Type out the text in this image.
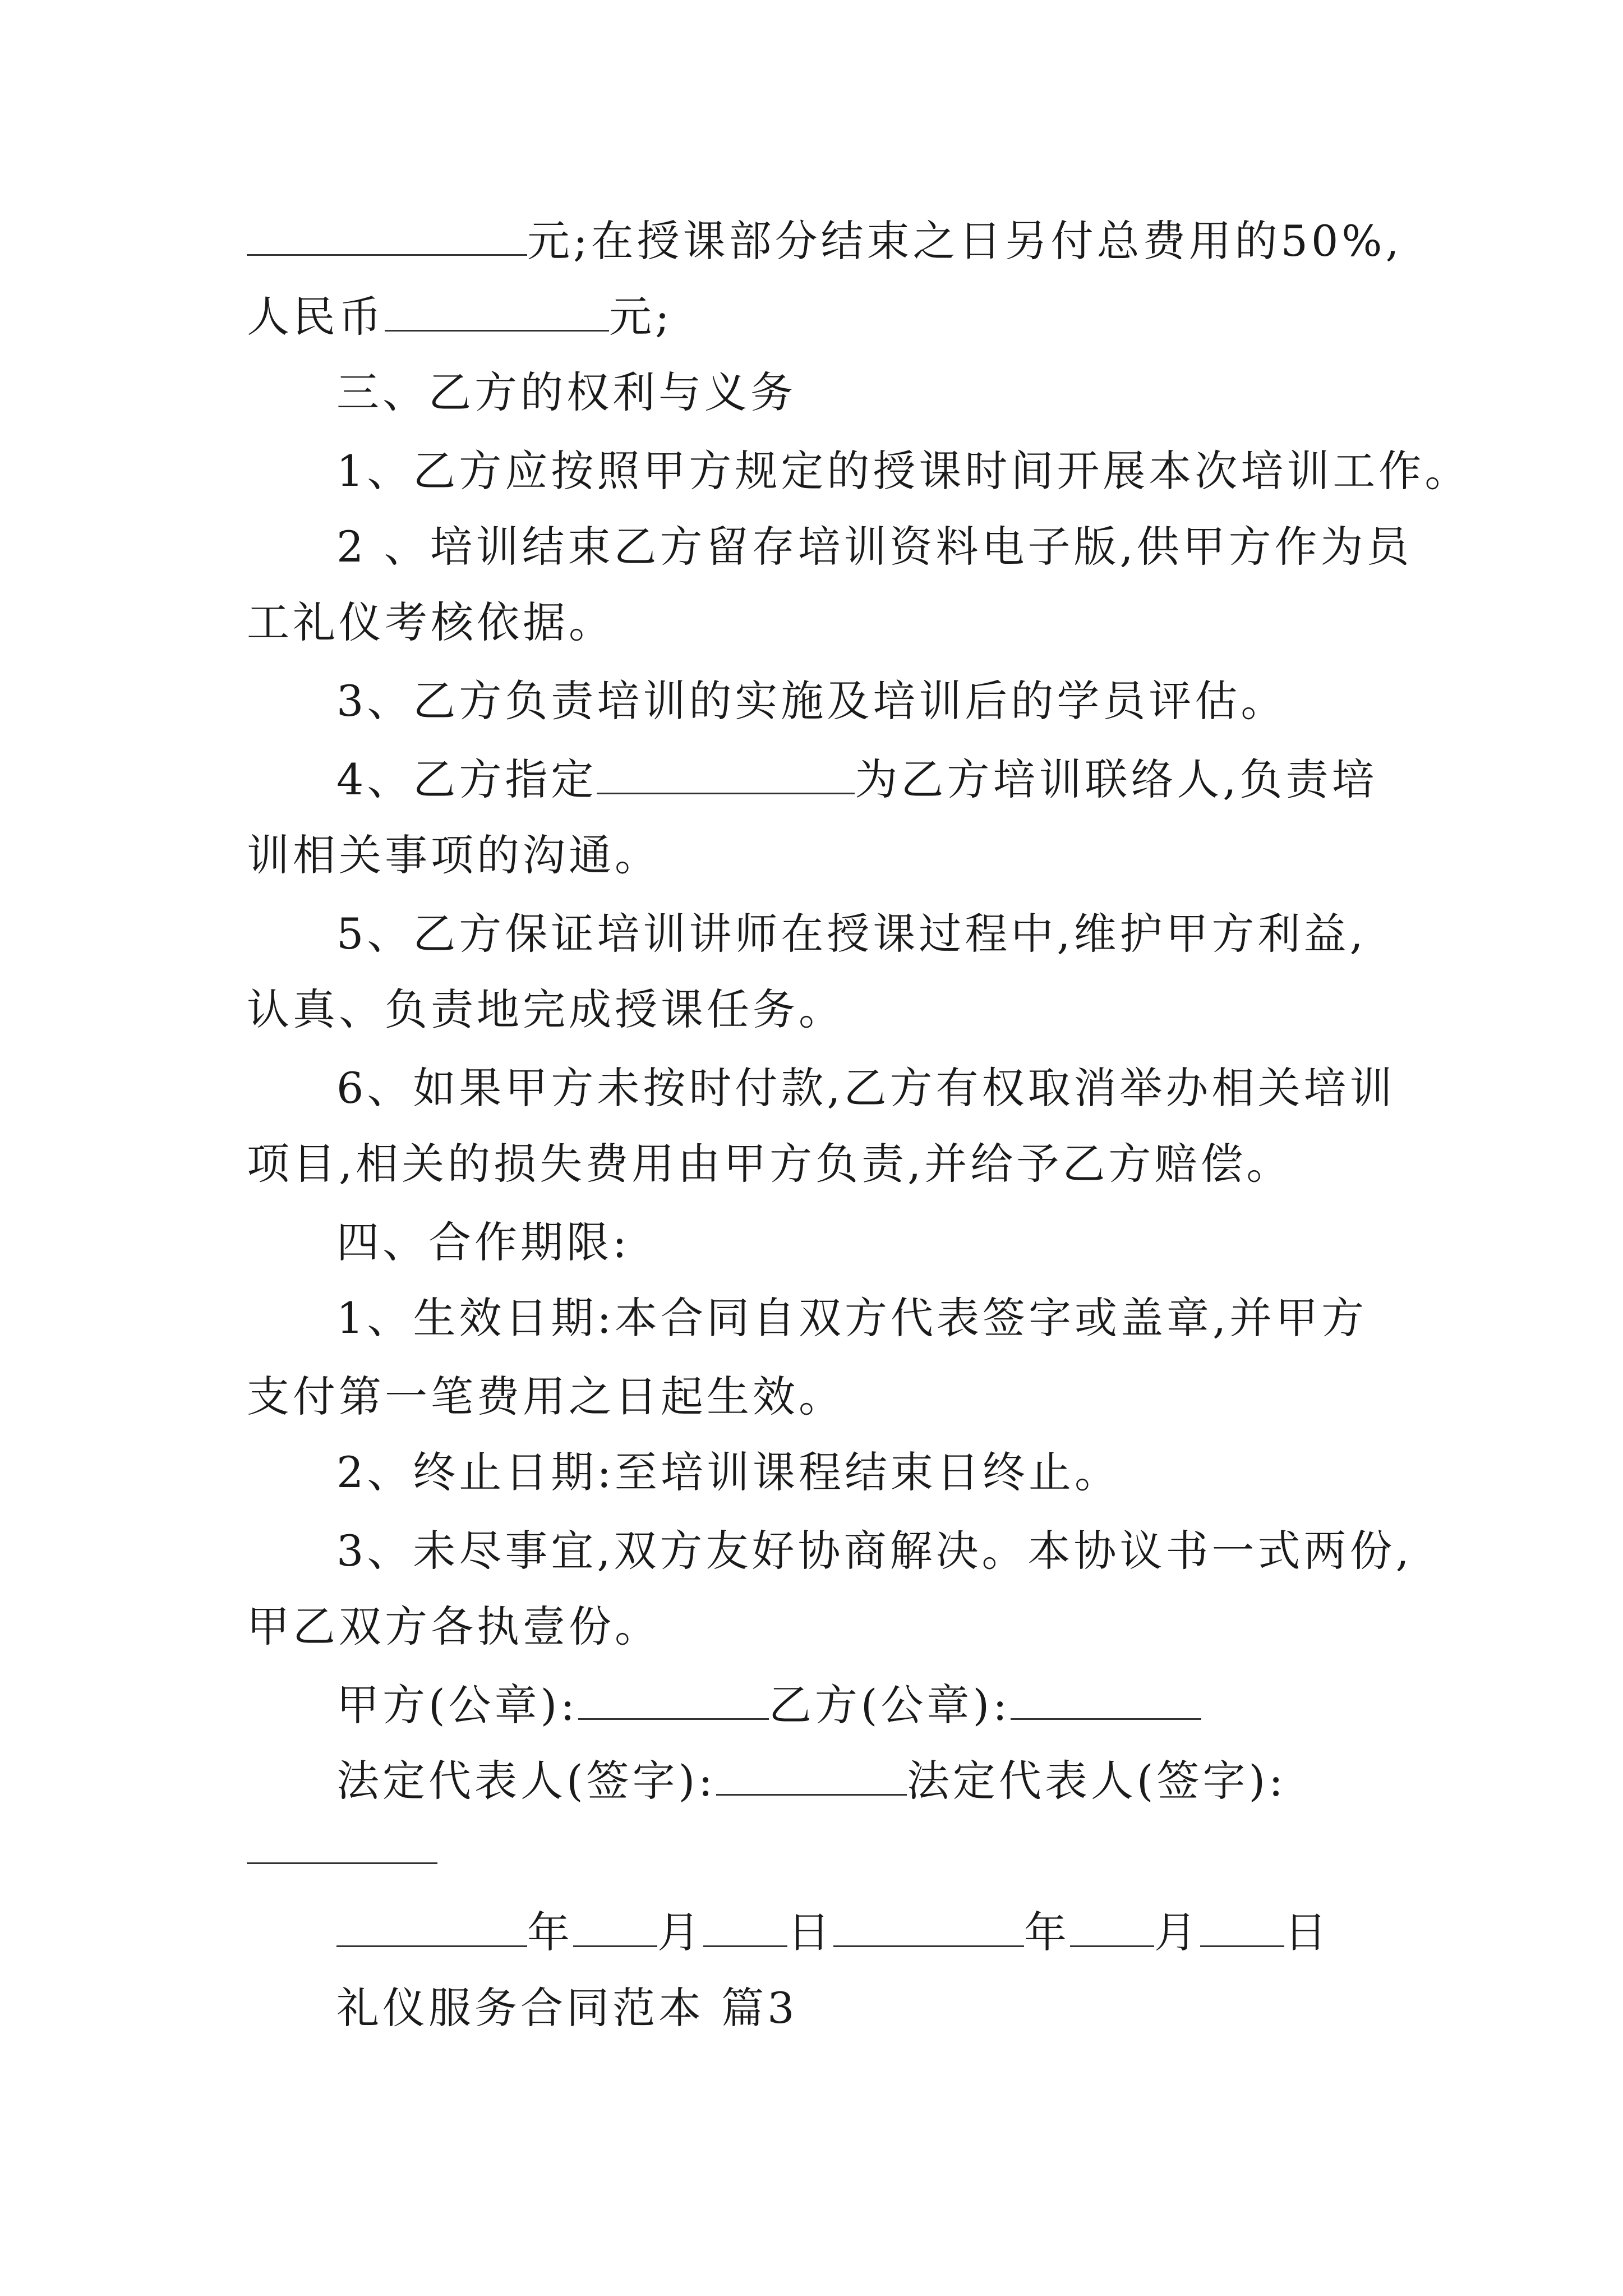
元;在授课部分结束之日另付总费用的50%,
人民币	元;
三、乙方的权利与义务
1、乙方应按照甲方规定的授课时间开展本次培训工作。
2 、培训结束乙方留存培训资料电子版,供甲方作为员
工礼仪考核依据。
3、乙方负责培训的实施及培训后的学员评估。
4、乙方指定	为乙方培训联络人,负责培
训相关事项的沟通。
5、乙方保证培训讲师在授课过程中,维护甲方利益,
认真、负责地完成授课任务。
6、如果甲方未按时付款,乙方有权取消举办相关培训
项目,相关的损失费用由甲方负责,并给予乙方赔偿。
四、合作期限:
1、生效日期:本合同自双方代表签字或盖章,并甲方
支付第一笔费用之日起生效。
2、终止日期:至培训课程结束日终止。
3、未尽事宜,双方友好协商解决。本协议书一式两份,
甲乙双方各执壹份。
甲方(公章):	乙方(公章):
法定代表人(签字):	法定代表人(签字):
年 月 日	年 月 日
礼仪服务合同范本 篇3
